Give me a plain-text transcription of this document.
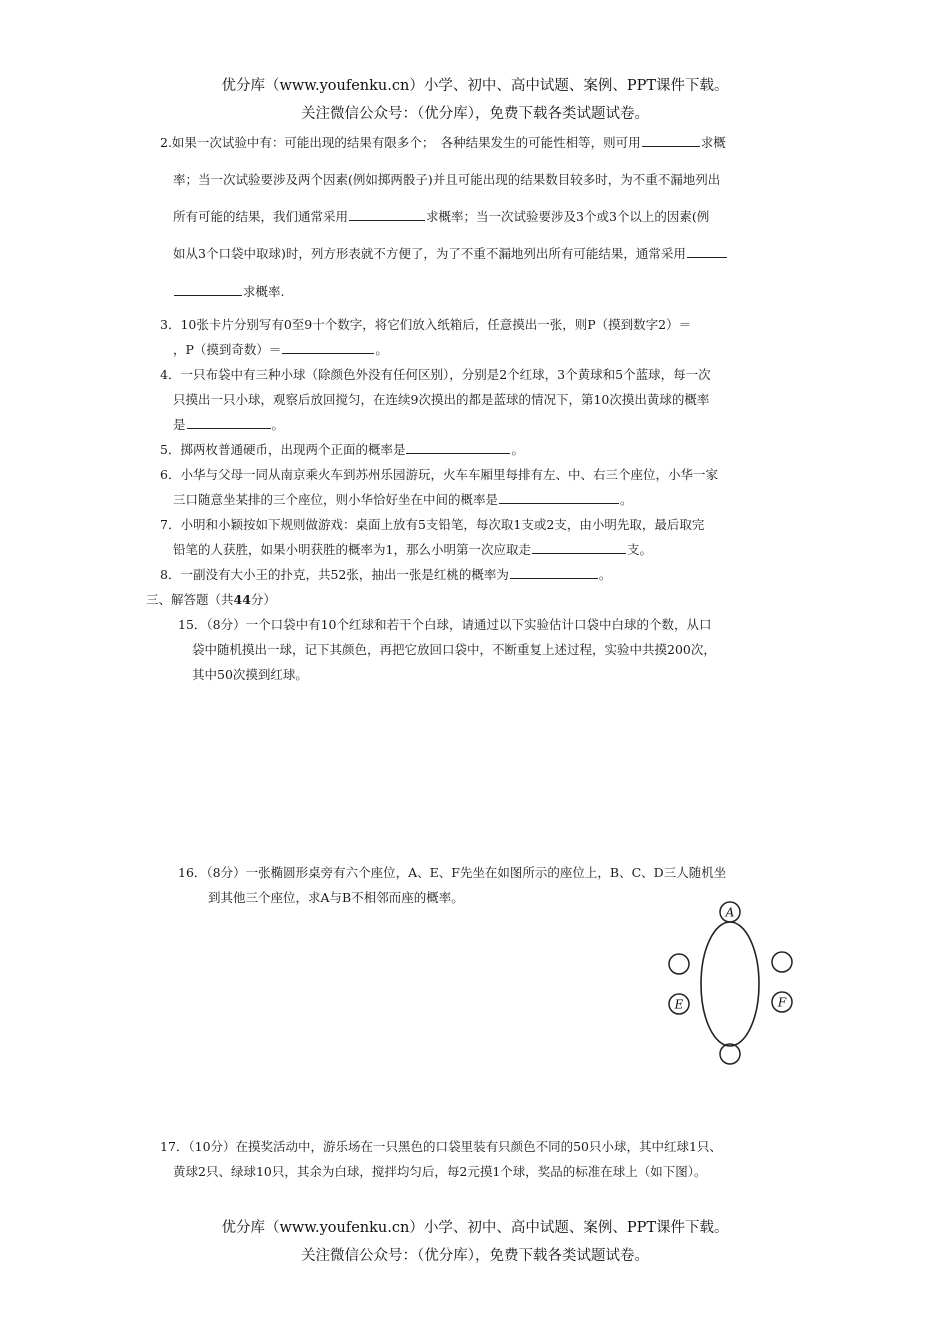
优分库（www.youfenku.cn）小学、初中、高中试题、案例、PPT课件下载。
关注微信公众号：（优分库），免费下载各类试题试卷。
2.如果一次试验中有：可能出现的结果有限多个；　各种结果发生的可能性相等，则可用	求概
率；当一次试验要涉及两个因素(例如掷两骰子)并且可能出现的结果数目较多时，为不重不漏地列出
所有可能的结果，我们通常采用	求概率；当一次试验要涉及3个或3个以上的因素(例
如从3个口袋中取球)时，列方形表就不方便了，为了不重不漏地列出所有可能结果，通常采用
求概率.
3．10张卡片分别写有0至9十个数字，将它们放入纸箱后，任意摸出一张，则P（摸到数字2）＝
，P（摸到奇数）＝	。
4．一只布袋中有三种小球（除颜色外没有任何区别），分别是2个红球，3个黄球和5个蓝球，每一次
只摸出一只小球，观察后放回搅匀，在连续9次摸出的都是蓝球的情况下，第10次摸出黄球的概率
是	。
5．掷两枚普通硬币，出现两个正面的概率是	。
6．小华与父母一同从南京乘火车到苏州乐园游玩，火车车厢里每排有左、中、右三个座位，小华一家
三口随意坐某排的三个座位，则小华恰好坐在中间的概率是	。
7．小明和小颖按如下规则做游戏：桌面上放有5支铅笔，每次取1支或2支，由小明先取，最后取完
铅笔的人获胜，如果小明获胜的概率为1，那么小明第一次应取走	支。
8．一副没有大小王的扑克，共52张，抽出一张是红桃的概率为	。
三、解答题（共44分）
15．（8分）一个口袋中有10个红球和若干个白球，请通过以下实验估计口袋中白球的个数，从口
袋中随机摸出一球，记下其颜色，再把它放回口袋中，不断重复上述过程，实验中共摸200次，
其中50次摸到红球。
16．（8分）一张椭圆形桌旁有六个座位，A、E、F先坐在如图所示的座位上，B、C、D三人随机坐
到其他三个座位，求A与B不相邻而座的概率。
A
E	F
17．（10分）在摸奖活动中，游乐场在一只黑色的口袋里装有只颜色不同的50只小球，其中红球1只、
黄球2只、绿球10只，其余为白球，搅拌均匀后，每2元摸1个球，奖品的标准在球上（如下图）。
优分库（www.youfenku.cn）小学、初中、高中试题、案例、PPT课件下载。
关注微信公众号：（优分库），免费下载各类试题试卷。
